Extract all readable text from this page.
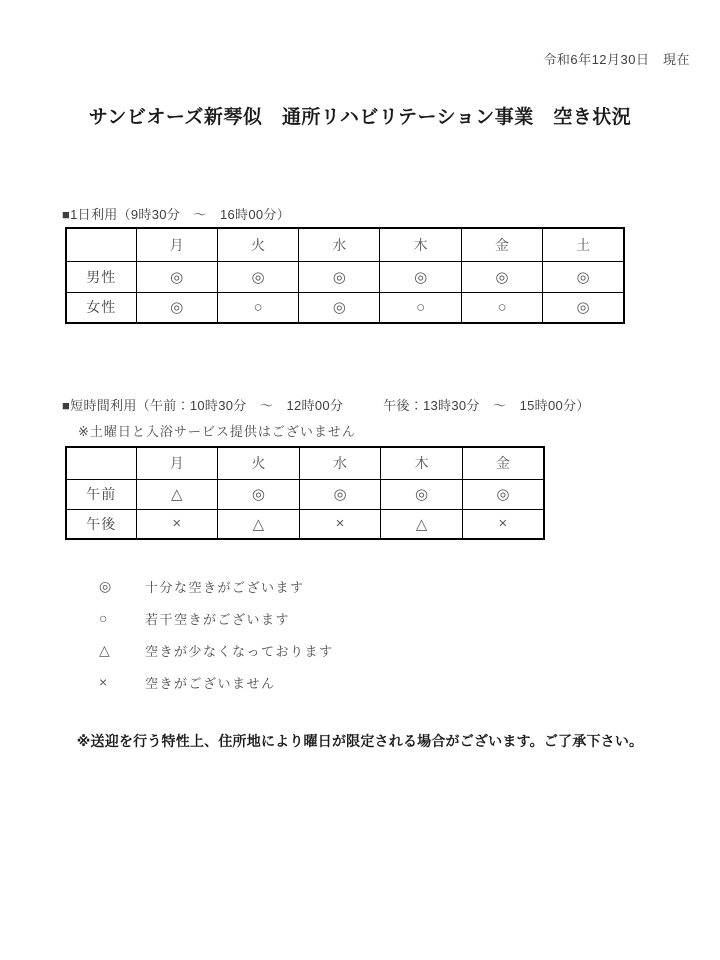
令和6年12月30日　現在
サンビオーズ新琴似　通所リハビリテーション事業　空き状況
■1日利用（9時30分　～　16時00分）
	月	火	水	木	金	土
男性	◎	◎	◎	◎	◎	◎
女性	◎	○	◎	○	○	◎
■短時間利用（午前：10時30分　～　12時00分　　　午後：13時30分　～　15時00分）
※土曜日と入浴サービス提供はございません
	月	火	水	木	金
午前	△	◎	◎	◎	◎
午後	×	△	×	△	×
◎	十分な空きがございます
○	若干空きがございます
△	空きが少なくなっております
×	空きがございません
※送迎を行う特性上、住所地により曜日が限定される場合がございます。ご了承下さい。
